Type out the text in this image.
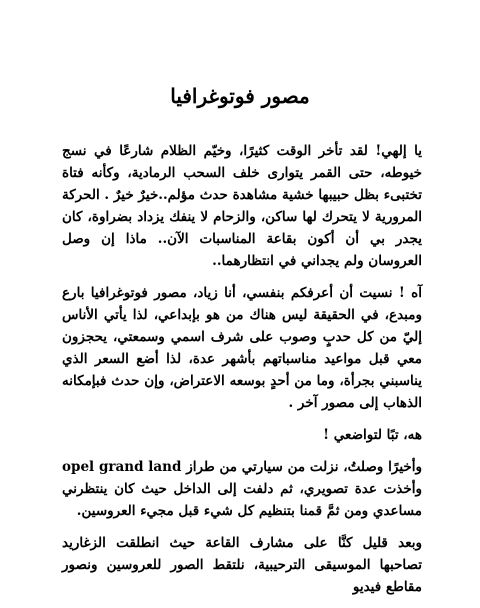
مصور فوتوغرافيا

يا إلهي! لقد تأخر الوقت كثيرًا، وخيّم الظلام شارعًا في نسج خيوطه، حتى القمر يتوارى خلف السحب الرمادية، وكأنه فتاة تختبىء بظل حبيبها خشية مشاهدة حدث مؤلم..خيرٌ خيرٌ . الحركة المرورية لا يتحرك لها ساكن، والزحام لا ينفك يزداد بضراوة، كان يجدر بي أن أكون بقاعة المناسبات الآن.. ماذا إن وصل العروسان ولم يجداني في انتظارهما..

آه ! نسيت أن أعرفكم بنفسي، أنا زياد، مصور فوتوغرافيا بارع ومبدع، في الحقيقة ليس هناك من هو بإبداعي، لذا يأتي الأناس إليّ من كل حدبٍ وصوب على شرف اسمي وسمعتي، يحجزون معي قبل مواعيد مناسباتهم بأشهر عدة، لذا أضع السعر الذي يناسبني بجرأة، وما من أحدٍ بوسعه الاعتراض، وإن حدث فبإمكانه الذهاب إلى مصور آخر .

هه، تبًا لتواضعي !

وأخيرًا وصلتُ، نزلت من سيارتي من طراز opel grand land وأخذت عدة تصويري، ثم دلفت إلى الداخل حيث كان ينتظرني مساعدي ومن ثمَّ قمنا بتنظيم كل شيء قبل مجيء العروسين.

وبعد قليل كنَّا على مشارف القاعة حيث انطلقت الزغاريد تصاحبها الموسيقى الترحيبية، نلتقط الصور للعروسين ونصور مقاطع فيديو
